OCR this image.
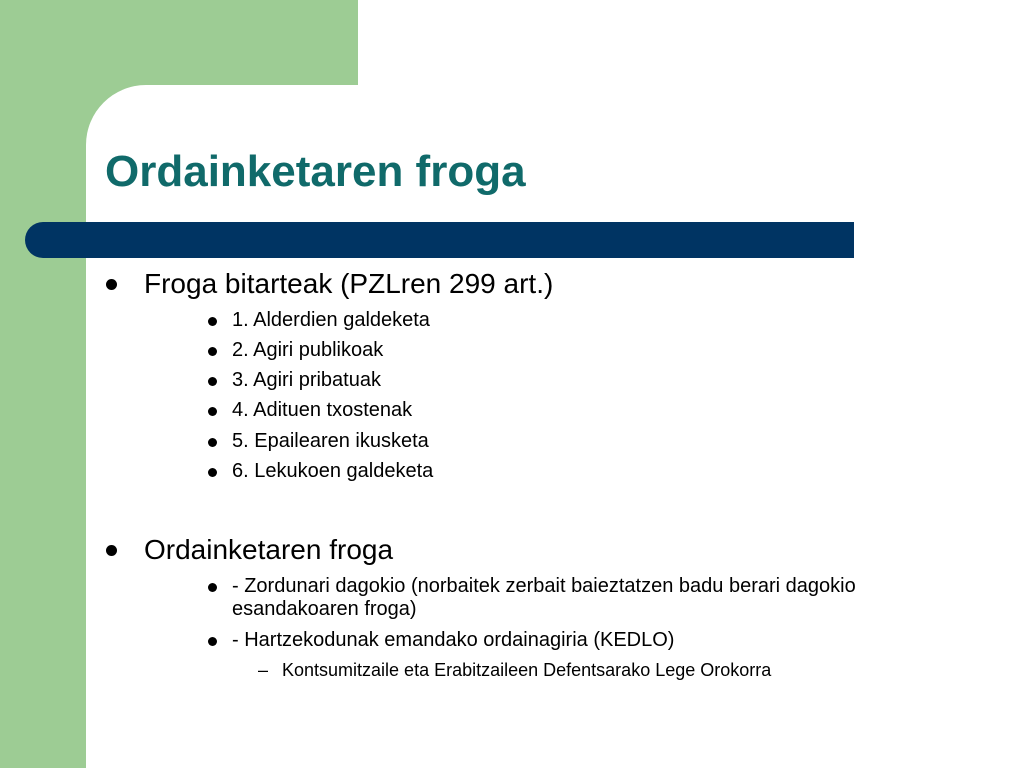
Ordainketaren froga
Froga bitarteak (PZLren 299 art.)
1. Alderdien galdeketa
2. Agiri publikoak
3. Agiri pribatuak
4. Adituen txostenak
5. Epailearen ikusketa
6. Lekukoen galdeketa
Ordainketaren froga
- Zordunari dagokio (norbaitek zerbait baieztatzen badu berari dagokio esandakoaren froga)
- Hartzekodunak emandako ordainagiria (KEDLO)
– Kontsumitzaile eta Erabitzaileen Defentsarako Lege Orokorra
